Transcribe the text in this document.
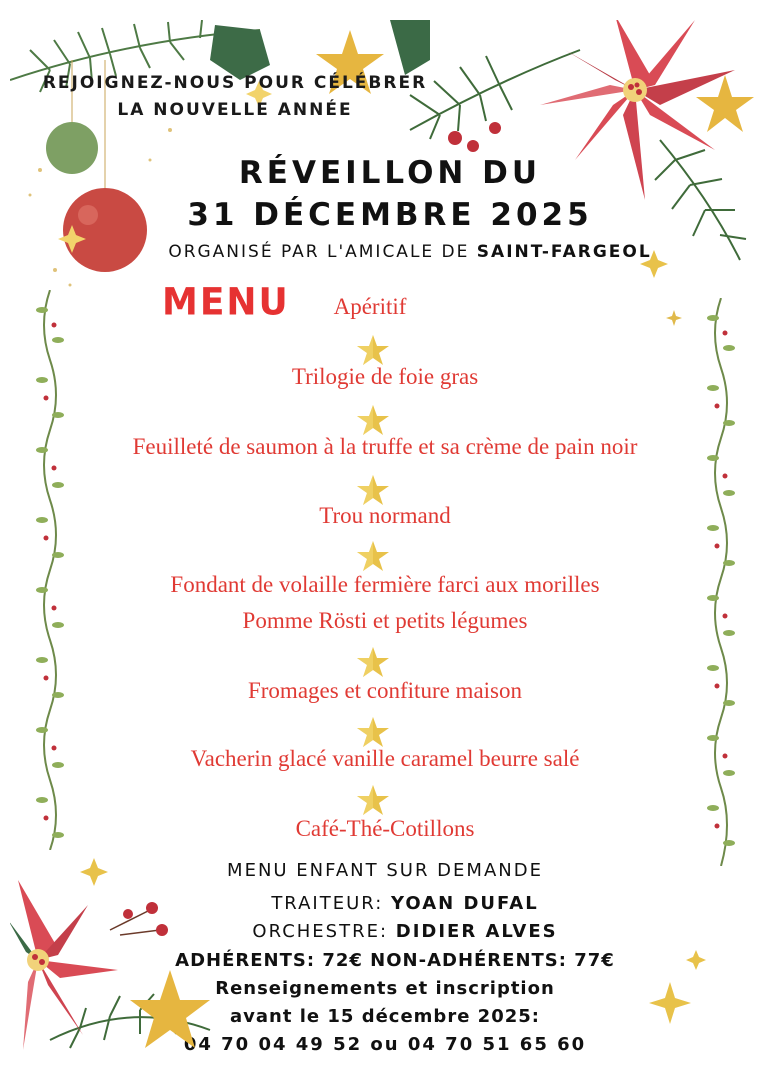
REJOIGNEZ-NOUS POUR CÉLÉBRER
LA NOUVELLE ANNÉE
RÉVEILLON DU
31 DÉCEMBRE 2025
ORGANISÉ PAR L'AMICALE DE SAINT-FARGEOL
MENU	Apéritif
Trilogie de foie gras
Feuilleté de saumon à la truffe et sa crème de pain noir
Trou normand
Fondant de volaille fermière farci aux morilles
Pomme Rösti et petits légumes
Fromages et confiture maison
Vacherin glacé vanille caramel beurre salé
Café-Thé-Cotillons
MENU ENFANT SUR DEMANDE
TRAITEUR: YOAN DUFAL
ORCHESTRE: DIDIER ALVES
ADHÉRENTS: 72€ NON-ADHÉRENTS: 77€
Renseignements et inscription
avant le 15 décembre 2025:
04 70 04 49 52 ou 04 70 51 65 60
